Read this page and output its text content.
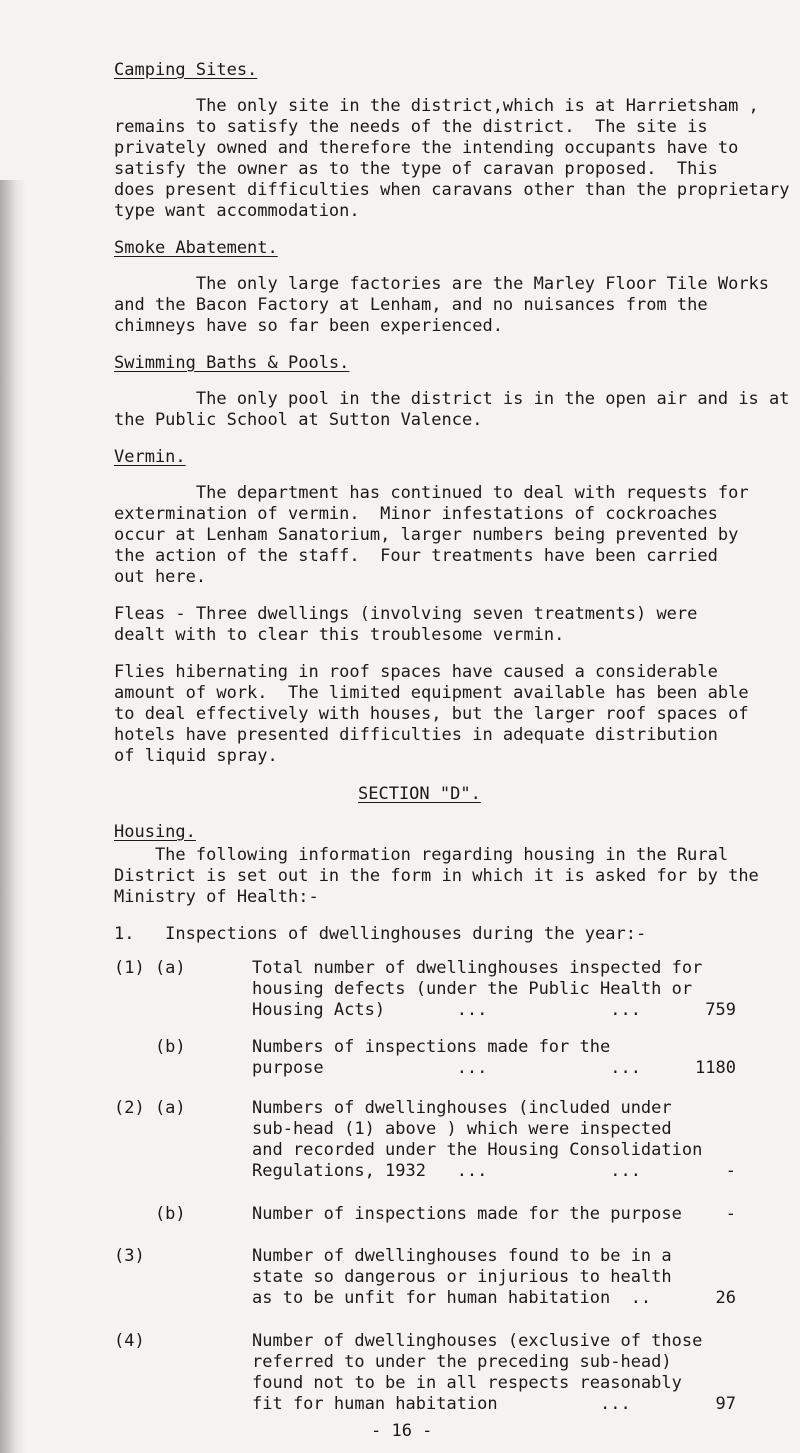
Camping Sites.
The only site in the district,which is at Harrietsham ,
remains to satisfy the needs of the district.  The site is
privately owned and therefore the intending occupants have to
satisfy the owner as to the type of caravan proposed.  This
does present difficulties when caravans other than the proprietary
type want accommodation.
Smoke Abatement.
The only large factories are the Marley Floor Tile Works
and the Bacon Factory at Lenham, and no nuisances from the
chimneys have so far been experienced.
Swimming Baths & Pools.
The only pool in the district is in the open air and is at
the Public School at Sutton Valence.
Vermin.
The department has continued to deal with requests for
extermination of vermin.  Minor infestations of cockroaches
occur at Lenham Sanatorium, larger numbers being prevented by
the action of the staff.  Four treatments have been carried
out here.
Fleas - Three dwellings (involving seven treatments) were
dealt with to clear this troublesome vermin.
Flies hibernating in roof spaces have caused a considerable
amount of work.  The limited equipment available has been able
to deal effectively with houses, but the larger roof spaces of
hotels have presented difficulties in adequate distribution
of liquid spray.
SECTION "D".
Housing.
The following information regarding housing in the Rural
District is set out in the form in which it is asked for by the
Ministry of Health:-
1.   Inspections of dwellinghouses during the year:-
(1) (a)	Total number of dwellinghouses inspected for
housing defects (under the Public Health or
Housing Acts)       ...            ...	759
(b)	Numbers of inspections made for the
purpose             ...            ...	1180
(2) (a)	Numbers of dwellinghouses (included under
sub-head (1) above ) which were inspected
and recorded under the Housing Consolidation
Regulations, 1932   ...            ...	-
(b)	Number of inspections made for the purpose	-
(3)	Number of dwellinghouses found to be in a
state so dangerous or injurious to health
as to be unfit for human habitation  ..	26
(4)	Number of dwellinghouses (exclusive of those
referred to under the preceding sub-head)
found not to be in all respects reasonably
fit for human habitation          ...	97
- 16 -
